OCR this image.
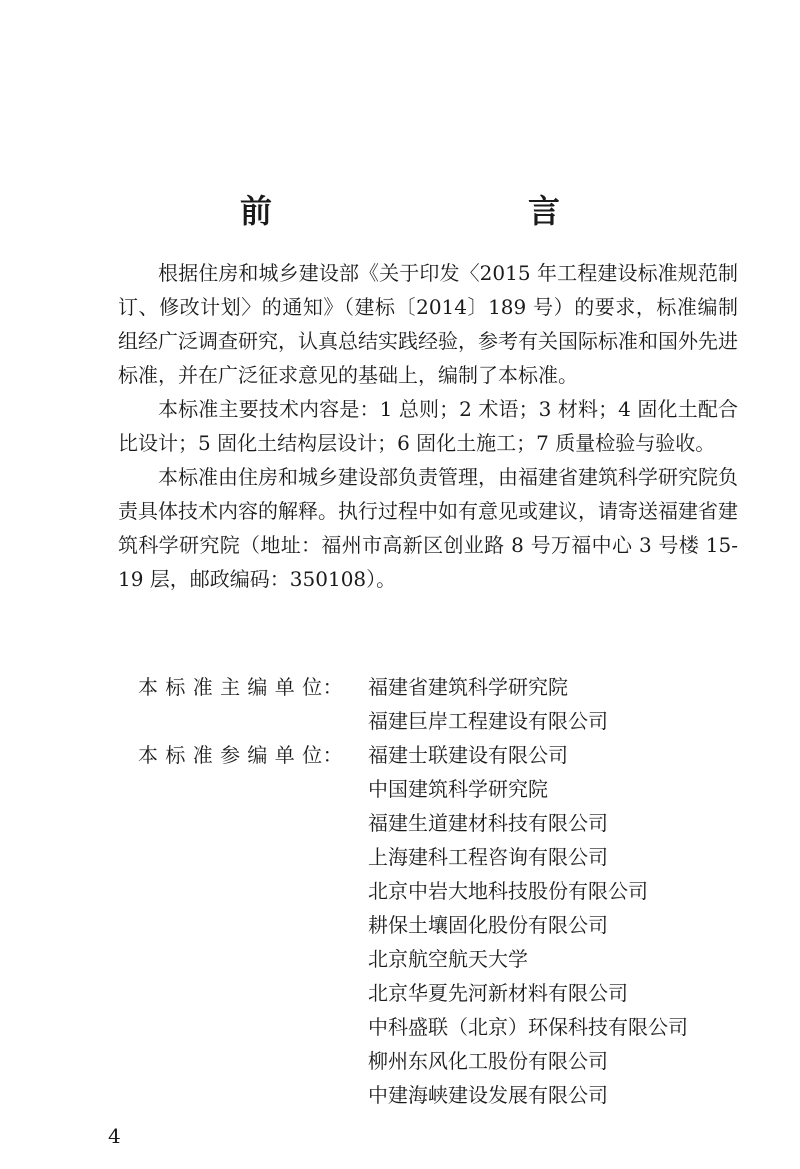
前　　言

根据住房和城乡建设部《关于印发〈2015 年工程建设标准规范制订、修改计划〉的通知》（建标〔2014〕189 号）的要求，标准编制组经广泛调查研究，认真总结实践经验，参考有关国际标准和国外先进标准，并在广泛征求意见的基础上，编制了本标准。

本标准主要技术内容是：1 总则；2 术语；3 材料；4 固化土配合比设计；5 固化土结构层设计；6 固化土施工；7 质量检验与验收。

本标准由住房和城乡建设部负责管理，由福建省建筑科学研究院负责具体技术内容的解释。执行过程中如有意见或建议，请寄送福建省建筑科学研究院（地址：福州市高新区创业路 8 号万福中心 3 号楼 15-19 层，邮政编码：350108）。

本 标 准 主 编 单 位：	福建省建筑科学研究院
福建巨岸工程建设有限公司
本 标 准 参 编 单 位：	福建士联建设有限公司
中国建筑科学研究院
福建生道建材科技有限公司
上海建科工程咨询有限公司
北京中岩大地科技股份有限公司
耕保土壤固化股份有限公司
北京航空航天大学
北京华夏先河新材料有限公司
中科盛联（北京）环保科技有限公司
柳州东风化工股份有限公司
中建海峡建设发展有限公司
4
